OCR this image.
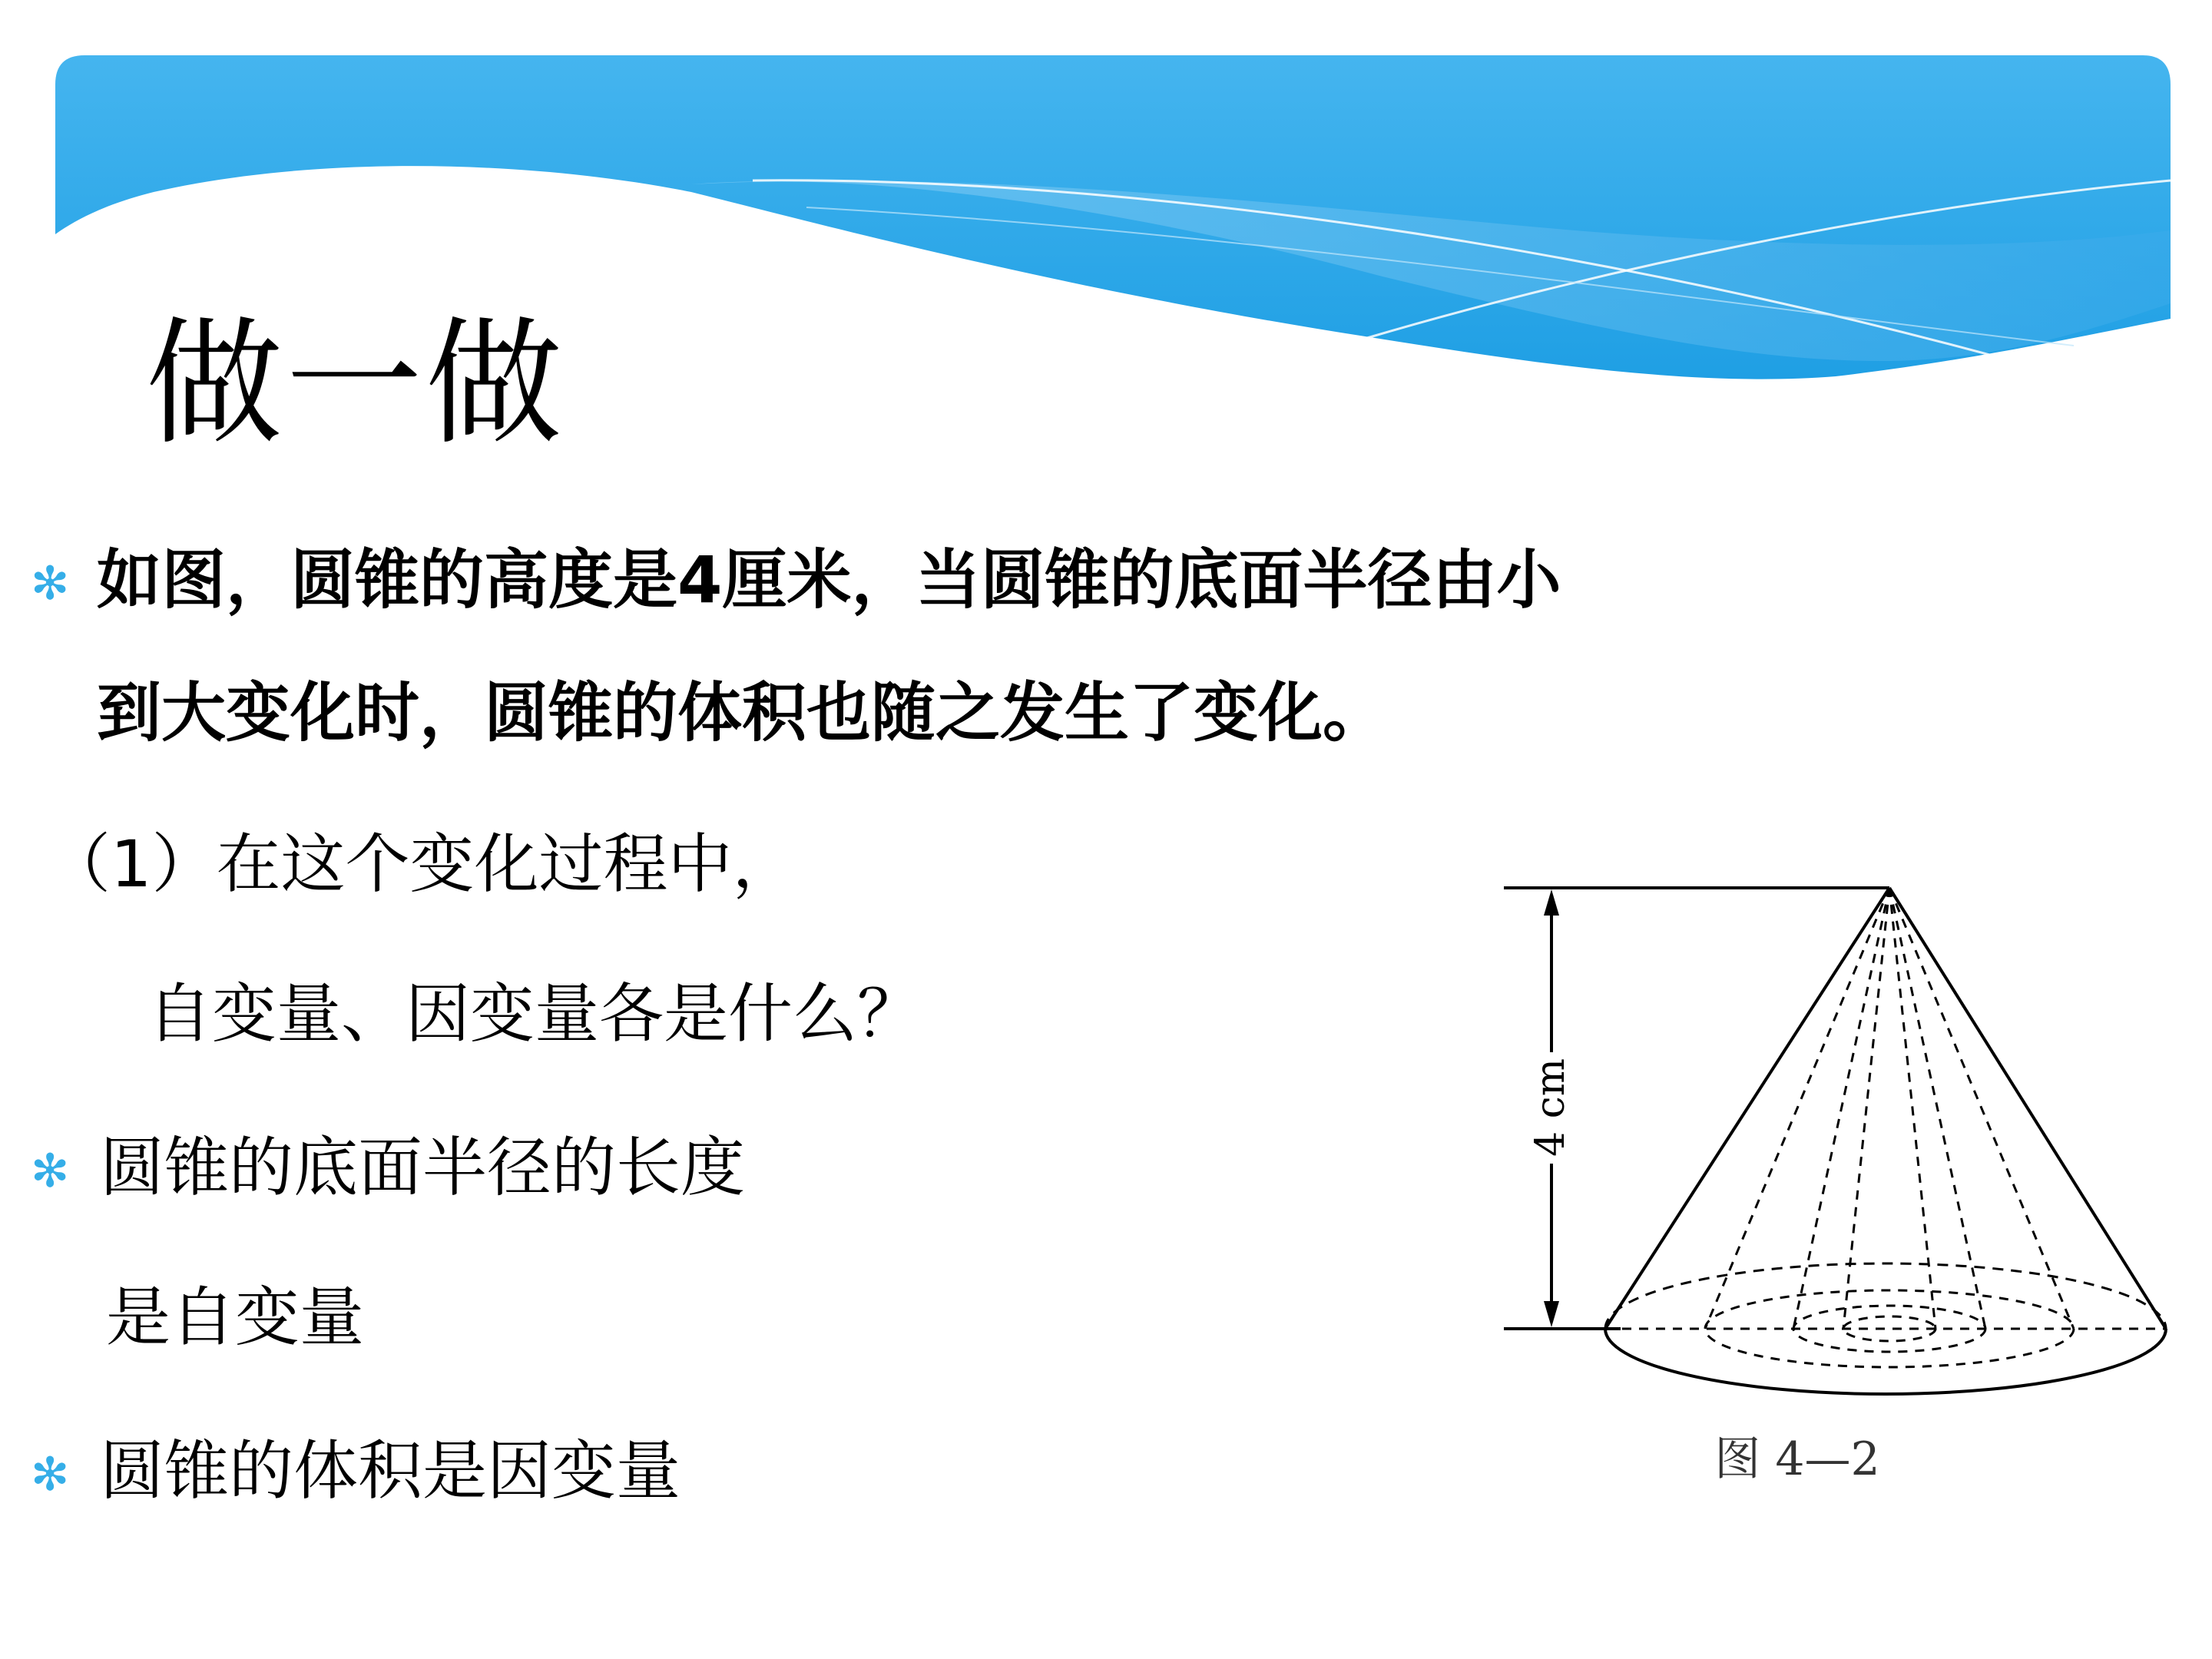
做一做
✻ 如图，圆锥的高度是4厘米，当圆锥的底面半径由小
到大变化时，圆锥的体积也随之发生了变化。
（1）在这个变化过程中，
自变量、因变量各是什么？
✻ 圆锥的底面半径的长度
是自变量
✻ 圆锥的体积是因变量
4 cm
图 4—2
